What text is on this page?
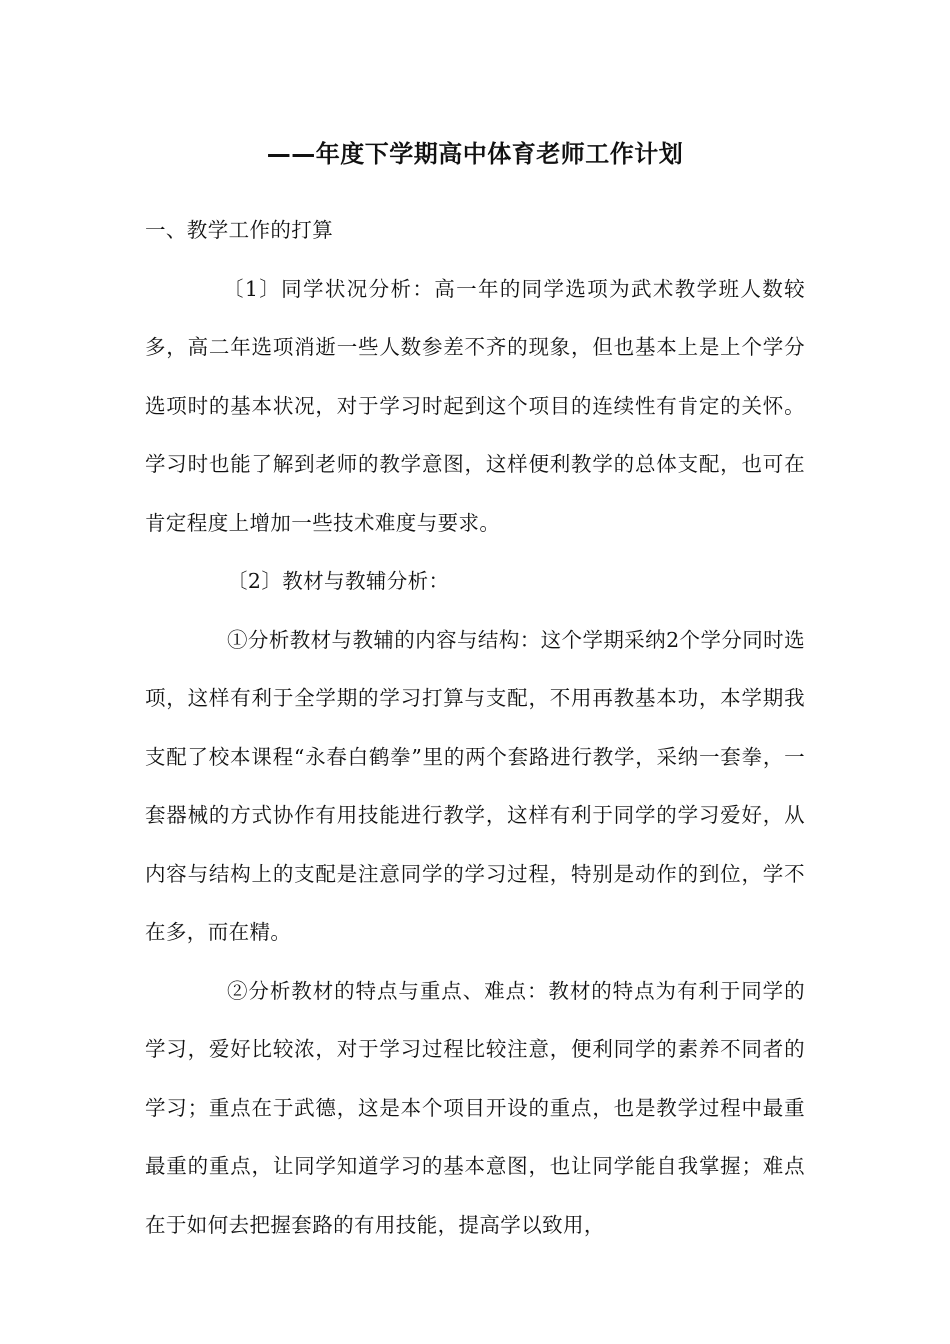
——年度下学期高中体育老师工作计划

一、教学工作的打算

〔1〕同学状况分析：高一年的同学选项为武术教学班人数较多，高二年选项消逝一些人数参差不齐的现象，但也基本上是上个学分选项时的基本状况，对于学习时起到这个项目的连续性有肯定的关怀。学习时也能了解到老师的教学意图，这样便利教学的总体支配，也可在肯定程度上增加一些技术难度与要求。

〔2〕教材与教辅分析：

①分析教材与教辅的内容与结构：这个学期采纳2个学分同时选项，这样有利于全学期的学习打算与支配，不用再教基本功，本学期我支配了校本课程“永春白鹤拳”里的两个套路进行教学，采纳一套拳，一套器械的方式协作有用技能进行教学，这样有利于同学的学习爱好，从内容与结构上的支配是注意同学的学习过程，特别是动作的到位，学不在多，而在精。

②分析教材的特点与重点、难点：教材的特点为有利于同学的学习，爱好比较浓，对于学习过程比较注意，便利同学的素养不同者的学习；重点在于武德，这是本个项目开设的重点，也是教学过程中最重最重的重点，让同学知道学习的基本意图，也让同学能自我掌握；难点在于如何去把握套路的有用技能，提高学以致用，
